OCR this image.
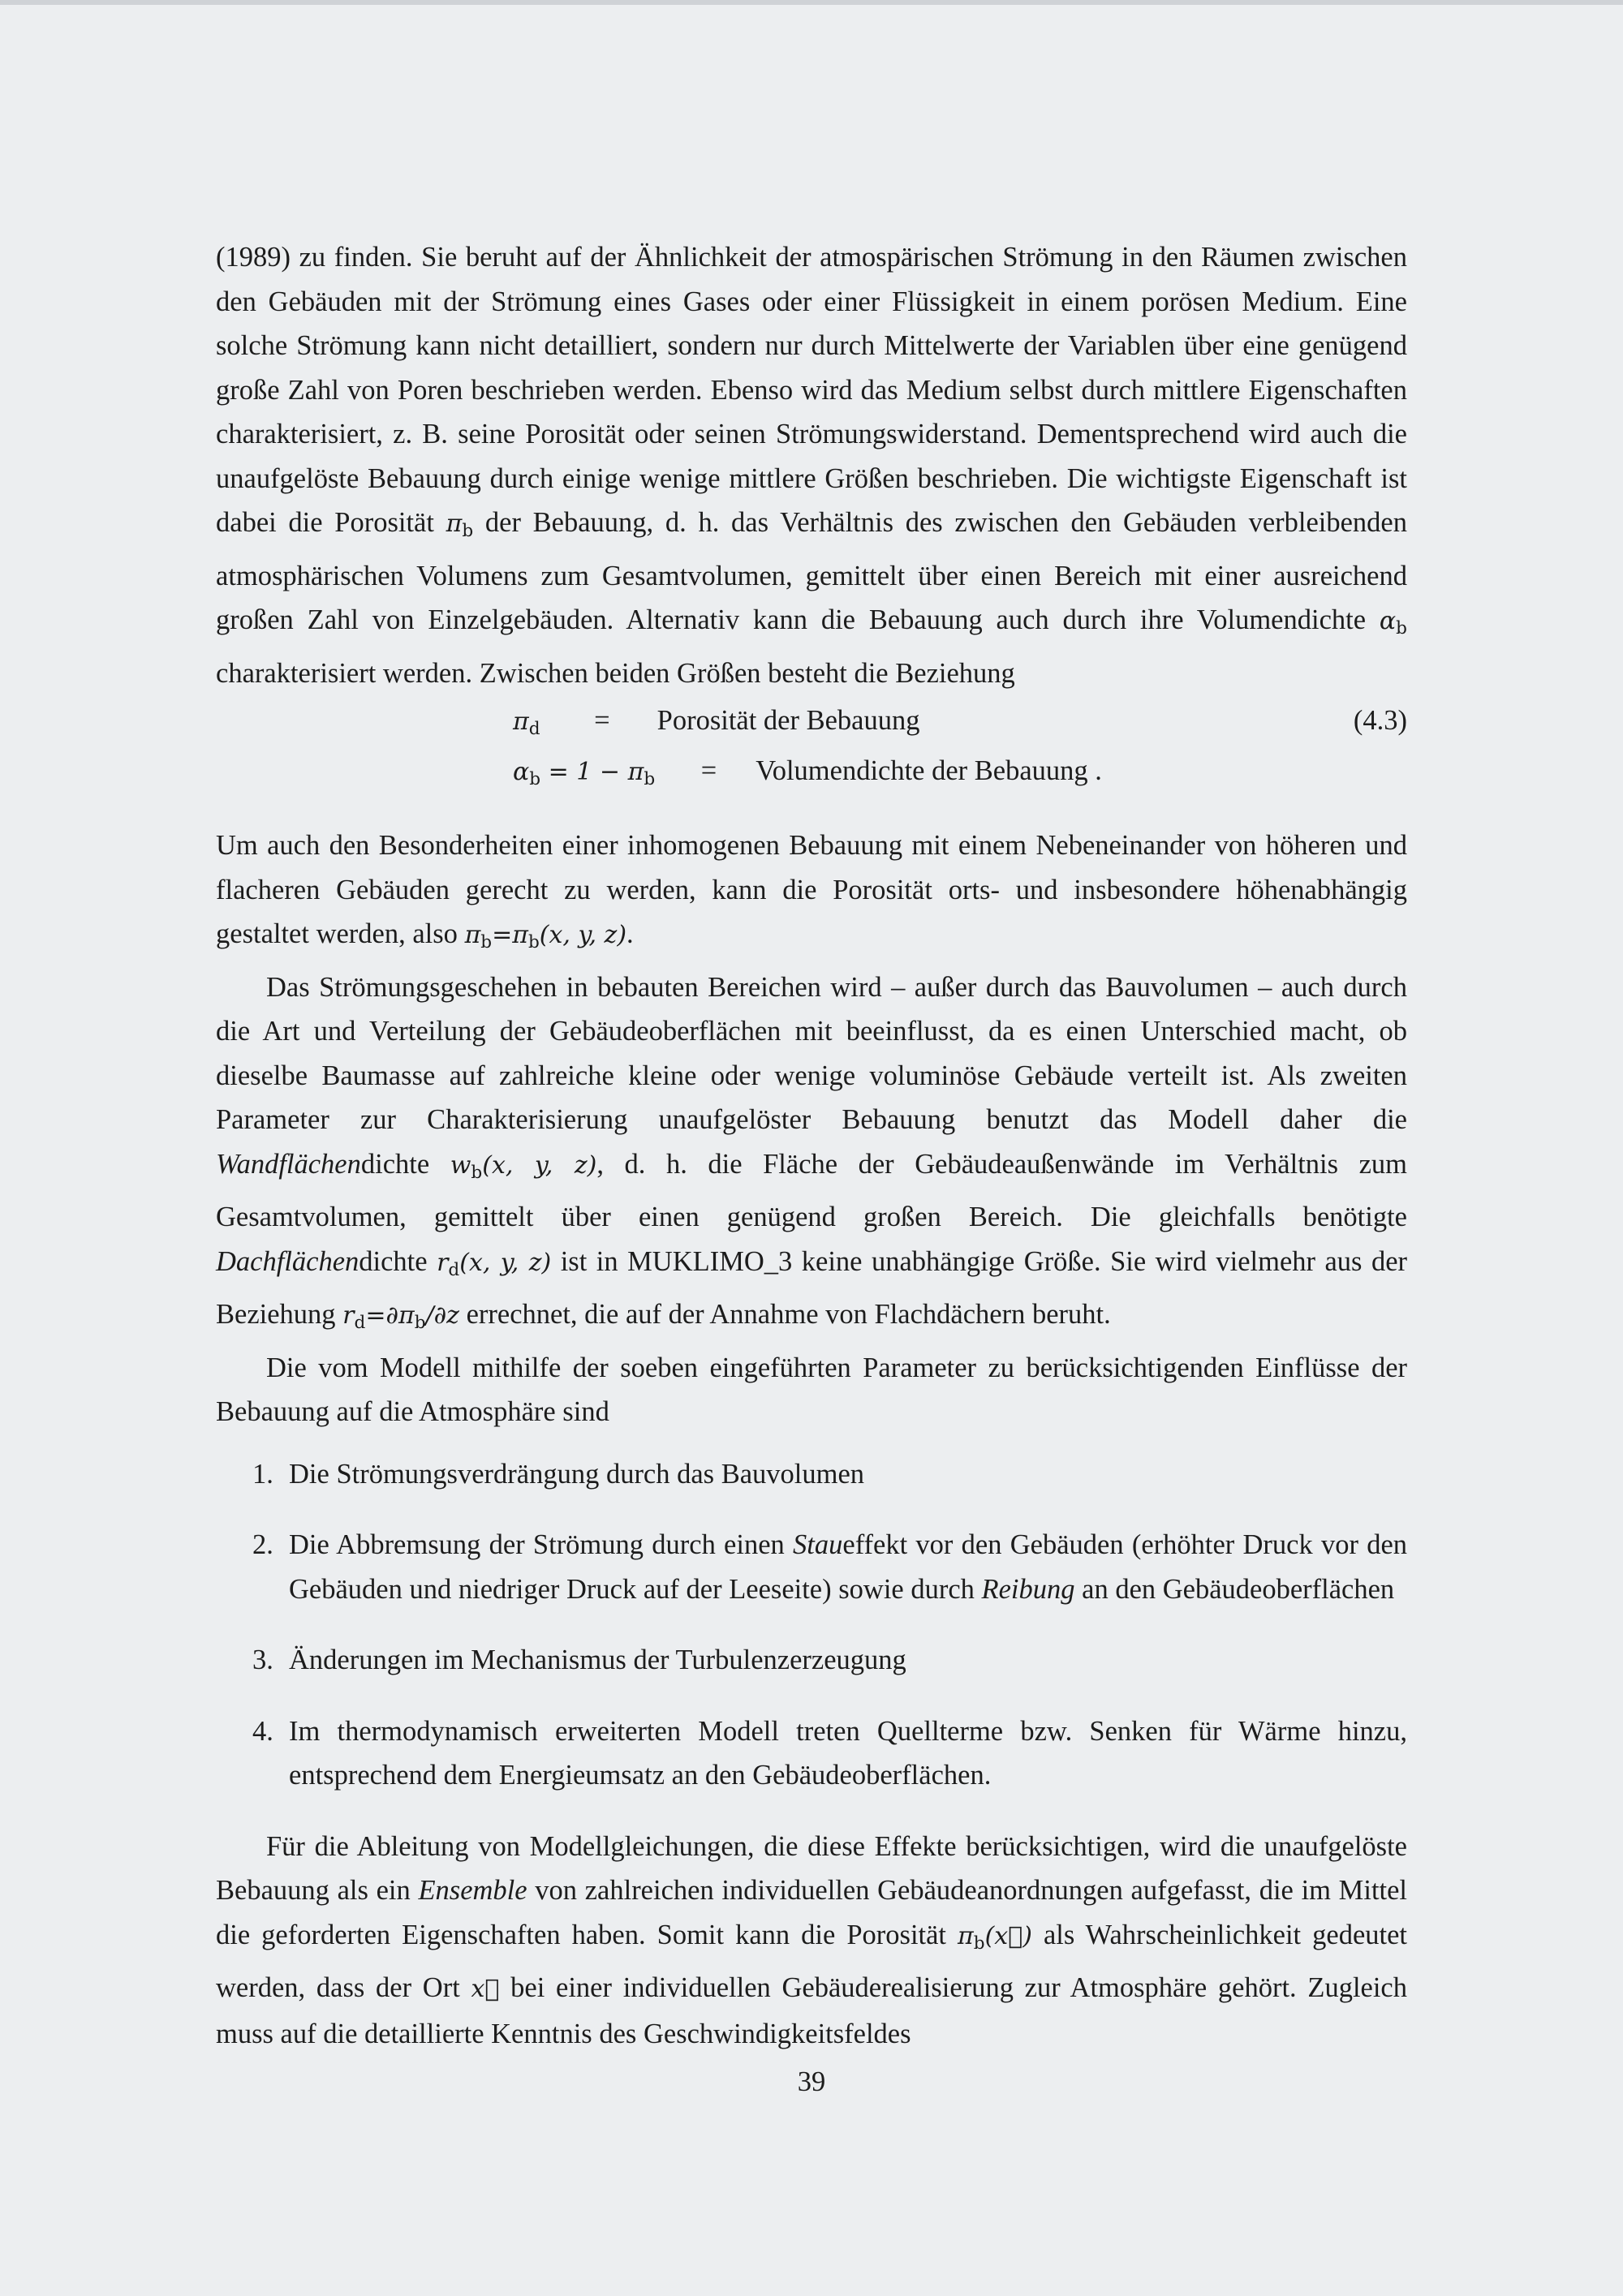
(1989) zu finden. Sie beruht auf der Ähnlichkeit der atmospärischen Strömung in den Räumen zwischen den Gebäuden mit der Strömung eines Gases oder einer Flüssigkeit in einem porösen Medium. Eine solche Strömung kann nicht detailliert, sondern nur durch Mittelwerte der Variablen über eine genügend große Zahl von Poren beschrieben werden. Ebenso wird das Medium selbst durch mittlere Eigenschaften charakterisiert, z. B. seine Porosität oder seinen Strömungswiderstand. Dementsprechend wird auch die unaufgelöste Bebauung durch einige wenige mittlere Größen beschrieben. Die wichtigste Eigenschaft ist dabei die Porosität $\pi_b$ der Bebauung, d. h. das Verhältnis des zwischen den Gebäuden verbleibenden atmosphärischen Volumens zum Gesamtvolumen, gemittelt über einen Bereich mit einer ausreichend großen Zahl von Einzelgebäuden. Alternativ kann die Bebauung auch durch ihre Volumendichte $\alpha_b$ charakterisiert werden. Zwischen beiden Größen besteht die Beziehung

$\pi_d$ = Porosität der Bebauung	(4.3)
$\alpha_b = 1 - \pi_b$ = Volumendichte der Bebauung .

Um auch den Besonderheiten einer inhomogenen Bebauung mit einem Nebeneinander von höheren und flacheren Gebäuden gerecht zu werden, kann die Porosität orts- und insbesondere höhenabhängig gestaltet werden, also $\pi_b=\pi_b(x$, y, z).

Das Strömungsgeschehen in bebauten Bereichen wird – außer durch das Bauvolumen – auch durch die Art und Verteilung der Gebäudeoberflächen mit beeinflusst, da es einen Unterschied macht, ob dieselbe Baumasse auf zahlreiche kleine oder wenige voluminöse Gebäude verteilt ist. Als zweiten Parameter zur Charakterisierung unaufgelöster Bebauung benutzt das Modell daher die Wandflächendichte $w_b(x$, y, z), d. h. die Fläche der Gebäudeaußenwände im Verhältnis zum Gesamtvolumen, gemittelt über einen genügend großen Bereich. Die gleichfalls benötigte Dachflächendichte $r_d(x$, y, z) ist in MUKLIMO_3 keine unabhängige Größe. Sie wird vielmehr aus der Beziehung $r_d=\partial\pi_b/\partial z$ errechnet, die auf der Annahme von Flachdächern beruht.

Die vom Modell mithilfe der soeben eingeführten Parameter zu berücksichtigenden Einflüsse der Bebauung auf die Atmosphäre sind

1. Die Strömungsverdrängung durch das Bauvolumen
2. Die Abbremsung der Strömung durch einen Staueffekt vor den Gebäuden (erhöhter Druck vor den Gebäuden und niedriger Druck auf der Leeseite) sowie durch Reibung an den Gebäudeoberflächen
3. Änderungen im Mechanismus der Turbulenzerzeugung
4. Im thermodynamisch erweiterten Modell treten Quellterme bzw. Senken für Wärme hinzu, entsprechend dem Energieumsatz an den Gebäudeoberflächen.

Für die Ableitung von Modellgleichungen, die diese Effekte berücksichtigen, wird die unaufgelöste Bebauung als ein Ensemble von zahlreichen individuellen Gebäudeanordnungen aufgefasst, die im Mittel die geforderten Eigenschaften haben. Somit kann die Porosität $\pi_b(x⃗)$ als Wahrscheinlichkeit gedeutet werden, dass der Ort x⃗ bei einer individuellen Gebäuderealisierung zur Atmosphäre gehört. Zugleich muss auf die detaillierte Kenntnis des Geschwindigkeitsfeldes

39
